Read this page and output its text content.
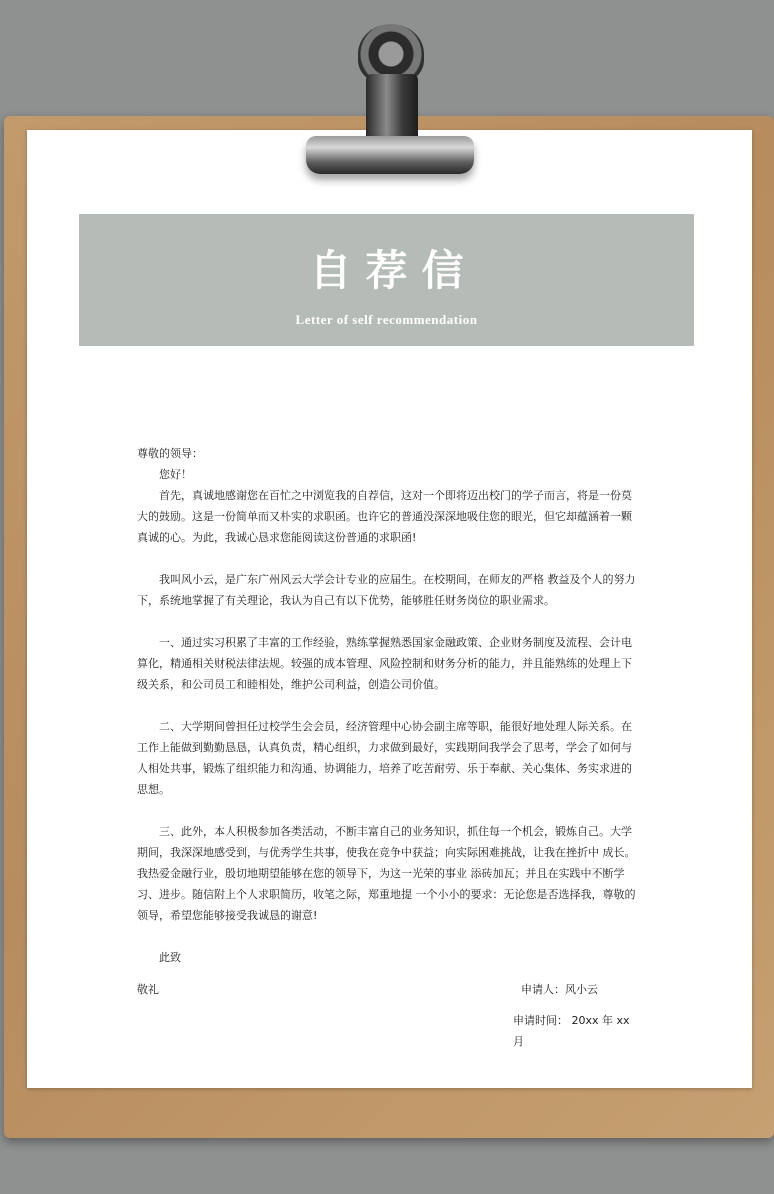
自荐信
Letter of self recommendation

尊敬的领导：

您好！

首先，真诚地感谢您在百忙之中浏览我的自荐信，这对一个即将迈出校门的学子而言，将是一份莫大的鼓励。这是一份简单而又朴实的求职函。也许它的普通没深深地吸住您的眼光，但它却蕴涵着一颗真诚的心。为此，我诚心恳求您能阅读这份普通的求职函!

我叫风小云，是广东广州风云大学会计专业的应届生。在校期间，在师友的严格 教益及个人的努力下，系统地掌握了有关理论，我认为自己有以下优势，能够胜任财务岗位的职业需求。

一、通过实习积累了丰富的工作经验，熟练掌握熟悉国家金融政策、企业财务制度及流程、会计电算化，精通相关财税法律法规。较强的成本管理、风险控制和财务分析的能力，并且能熟练的处理上下级关系，和公司员工和睦相处，维护公司利益，创造公司价值。

二、大学期间曾担任过校学生会会员，经济管理中心协会副主席等职，能很好地处理人际关系。在工作上能做到勤勤恳恳，认真负责，精心组织，力求做到最好，实践期间我学会了思考，学会了如何与人相处共事，锻炼了组织能力和沟通、协调能力，培养了吃苦耐劳、乐于奉献、关心集体、务实求进的思想。

三、此外，本人积极参加各类活动，不断丰富自己的业务知识，抓住每一个机会，锻炼自己。大学期间，我深深地感受到，与优秀学生共事，使我在竞争中获益；向实际困难挑战，让我在挫折中 成长。我热爱金融行业，殷切地期望能够在您的领导下，为这一光荣的事业 添砖加瓦；并且在实践中不断学习、进步。随信附上个人求职简历，收笔之际，郑重地提 一个小小的要求：无论您是否选择我，尊敬的领导，希望您能够接受我诚恳的谢意!

此致

敬礼	申请人：风小云
申请时间： 20xx 年 xx 月
